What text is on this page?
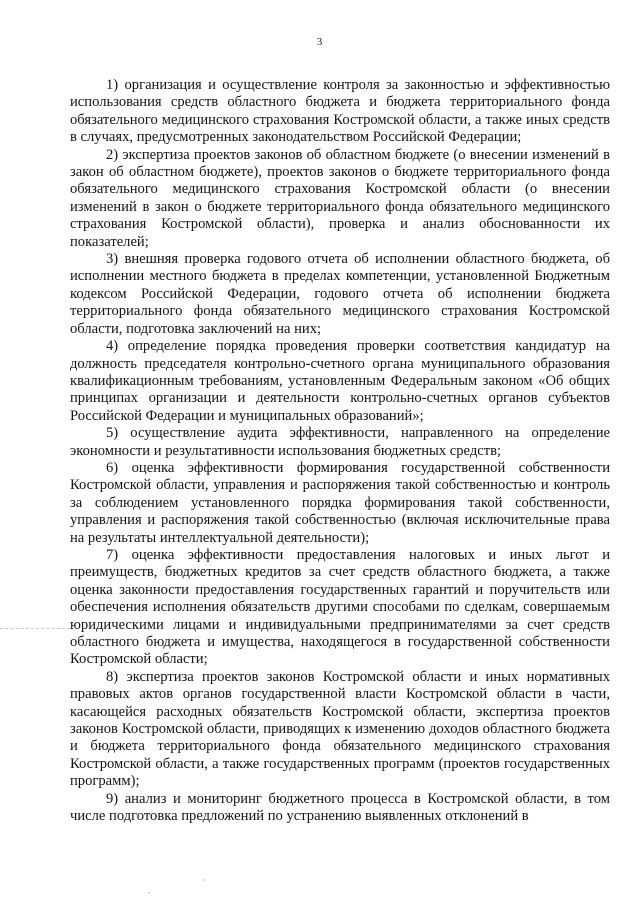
3

1) организация и осуществление контроля за законностью и эффективностью использования средств областного бюджета и бюджета территориального фонда обязательного медицинского страхования Костромской области, а также иных средств в случаях, предусмотренных законодательством Российской Федерации;

2) экспертиза проектов законов об областном бюджете (о внесении изменений в закон об областном бюджете), проектов законов о бюджете территориального фонда обязательного медицинского страхования Костромской области (о внесении изменений в закон о бюджете территориального фонда обязательного медицинского страхования Костромской области), проверка и анализ обоснованности их показателей;

3) внешняя проверка годового отчета об исполнении областного бюджета, об исполнении местного бюджета в пределах компетенции, установленной Бюджетным кодексом Российской Федерации, годового отчета об исполнении бюджета территориального фонда обязательного медицинского страхования Костромской области, подготовка заключений на них;

4) определение порядка проведения проверки соответствия кандидатур на должность председателя контрольно-счетного органа муниципального образования квалификационным требованиям, установленным Федеральным законом «Об общих принципах организации и деятельности контрольно-счетных органов субъектов Российской Федерации и муниципальных образований»;

5) осуществление аудита эффективности, направленного на определение экономности и результативности использования бюджетных средств;

6) оценка эффективности формирования государственной собственности Костромской области, управления и распоряжения такой собственностью и контроль за соблюдением установленного порядка формирования такой собственности, управления и распоряжения такой собственностью (включая исключительные права на результаты интеллектуальной деятельности);

7) оценка эффективности предоставления налоговых и иных льгот и преимуществ, бюджетных кредитов за счет средств областного бюджета, а также оценка законности предоставления государственных гарантий и поручительств или обеспечения исполнения обязательств другими способами по сделкам, совершаемым юридическими лицами и индивидуальными предпринимателями за счет средств областного бюджета и имущества, находящегося в государственной собственности Костромской области;

8) экспертиза проектов законов Костромской области и иных нормативных правовых актов органов государственной власти Костромской области в части, касающейся расходных обязательств Костромской области, экспертиза проектов законов Костромской области, приводящих к изменению доходов областного бюджета и бюджета территориального фонда обязательного медицинского страхования Костромской области, а также государственных программ (проектов государственных программ);

9) анализ и мониторинг бюджетного процесса в Костромской области, в том числе подготовка предложений по устранению выявленных отклонений в
